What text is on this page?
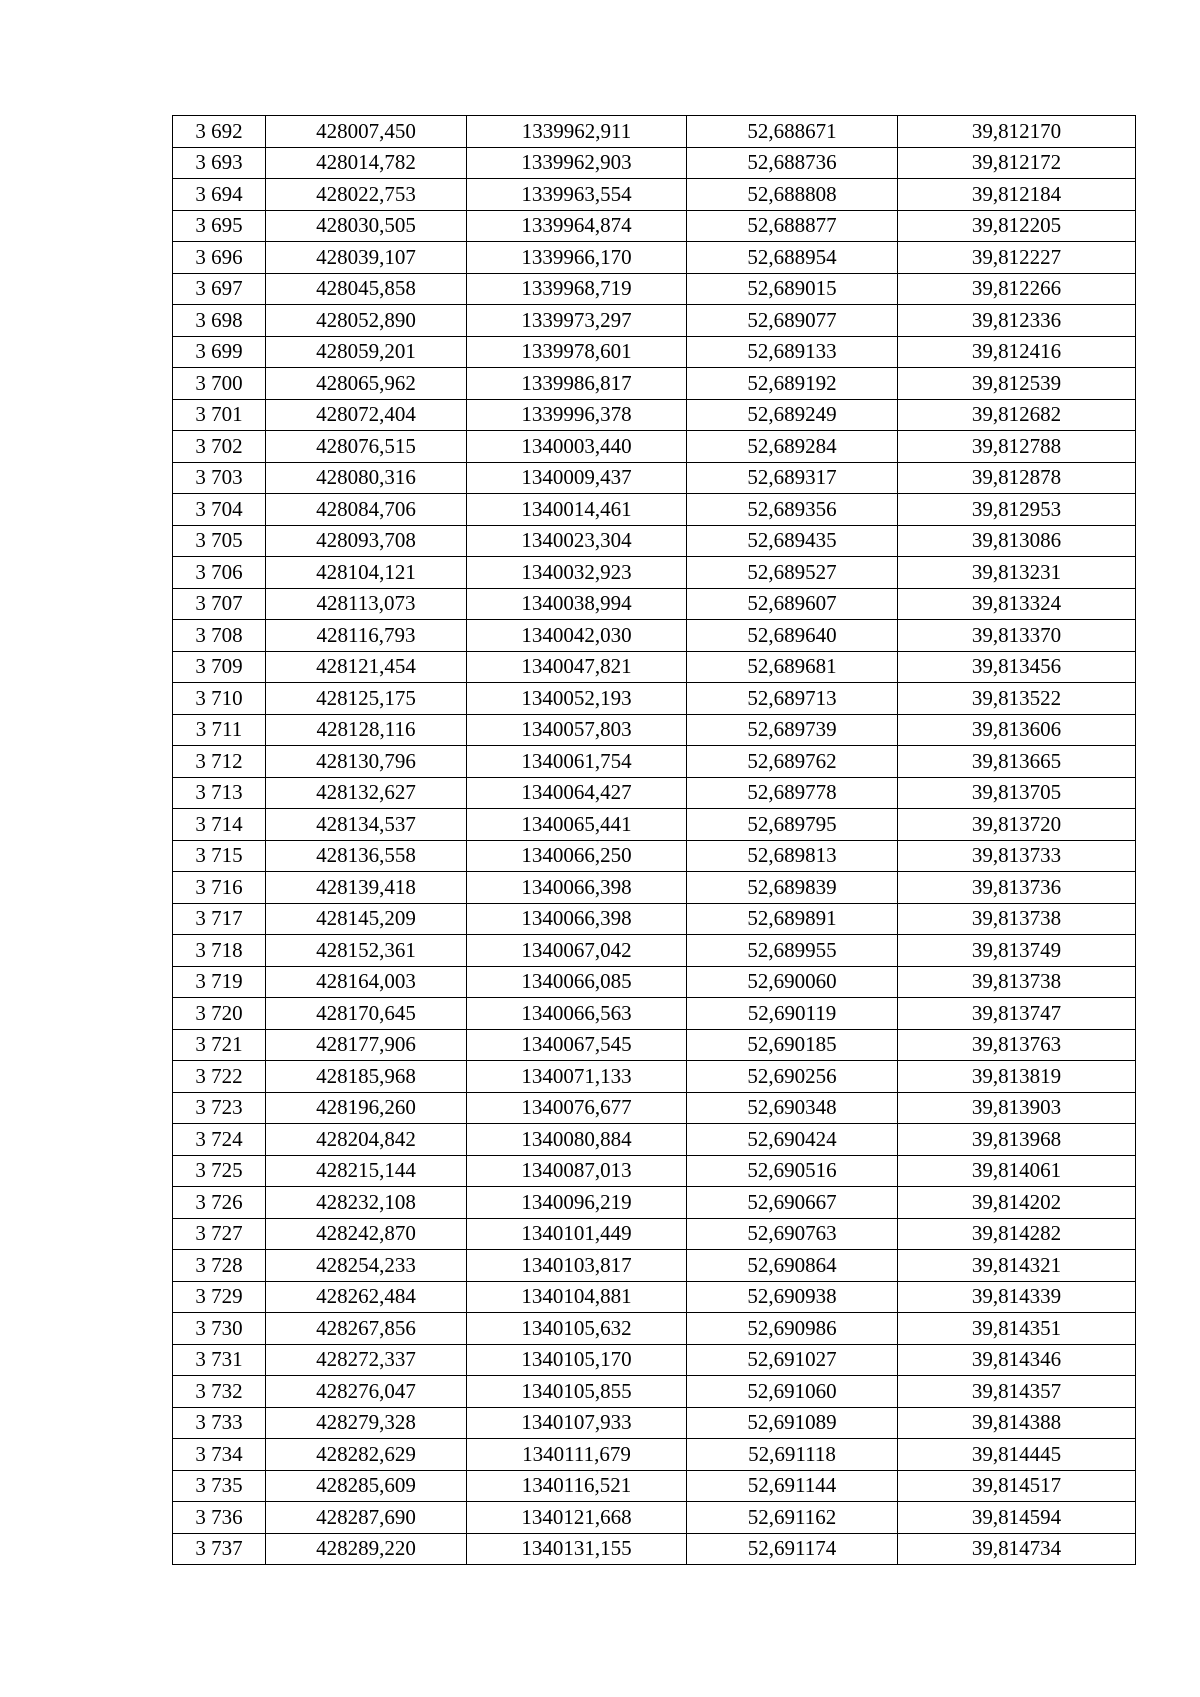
3 692	428007,450	1339962,911	52,688671	39,812170
3 693	428014,782	1339962,903	52,688736	39,812172
3 694	428022,753	1339963,554	52,688808	39,812184
3 695	428030,505	1339964,874	52,688877	39,812205
3 696	428039,107	1339966,170	52,688954	39,812227
3 697	428045,858	1339968,719	52,689015	39,812266
3 698	428052,890	1339973,297	52,689077	39,812336
3 699	428059,201	1339978,601	52,689133	39,812416
3 700	428065,962	1339986,817	52,689192	39,812539
3 701	428072,404	1339996,378	52,689249	39,812682
3 702	428076,515	1340003,440	52,689284	39,812788
3 703	428080,316	1340009,437	52,689317	39,812878
3 704	428084,706	1340014,461	52,689356	39,812953
3 705	428093,708	1340023,304	52,689435	39,813086
3 706	428104,121	1340032,923	52,689527	39,813231
3 707	428113,073	1340038,994	52,689607	39,813324
3 708	428116,793	1340042,030	52,689640	39,813370
3 709	428121,454	1340047,821	52,689681	39,813456
3 710	428125,175	1340052,193	52,689713	39,813522
3 711	428128,116	1340057,803	52,689739	39,813606
3 712	428130,796	1340061,754	52,689762	39,813665
3 713	428132,627	1340064,427	52,689778	39,813705
3 714	428134,537	1340065,441	52,689795	39,813720
3 715	428136,558	1340066,250	52,689813	39,813733
3 716	428139,418	1340066,398	52,689839	39,813736
3 717	428145,209	1340066,398	52,689891	39,813738
3 718	428152,361	1340067,042	52,689955	39,813749
3 719	428164,003	1340066,085	52,690060	39,813738
3 720	428170,645	1340066,563	52,690119	39,813747
3 721	428177,906	1340067,545	52,690185	39,813763
3 722	428185,968	1340071,133	52,690256	39,813819
3 723	428196,260	1340076,677	52,690348	39,813903
3 724	428204,842	1340080,884	52,690424	39,813968
3 725	428215,144	1340087,013	52,690516	39,814061
3 726	428232,108	1340096,219	52,690667	39,814202
3 727	428242,870	1340101,449	52,690763	39,814282
3 728	428254,233	1340103,817	52,690864	39,814321
3 729	428262,484	1340104,881	52,690938	39,814339
3 730	428267,856	1340105,632	52,690986	39,814351
3 731	428272,337	1340105,170	52,691027	39,814346
3 732	428276,047	1340105,855	52,691060	39,814357
3 733	428279,328	1340107,933	52,691089	39,814388
3 734	428282,629	1340111,679	52,691118	39,814445
3 735	428285,609	1340116,521	52,691144	39,814517
3 736	428287,690	1340121,668	52,691162	39,814594
3 737	428289,220	1340131,155	52,691174	39,814734
